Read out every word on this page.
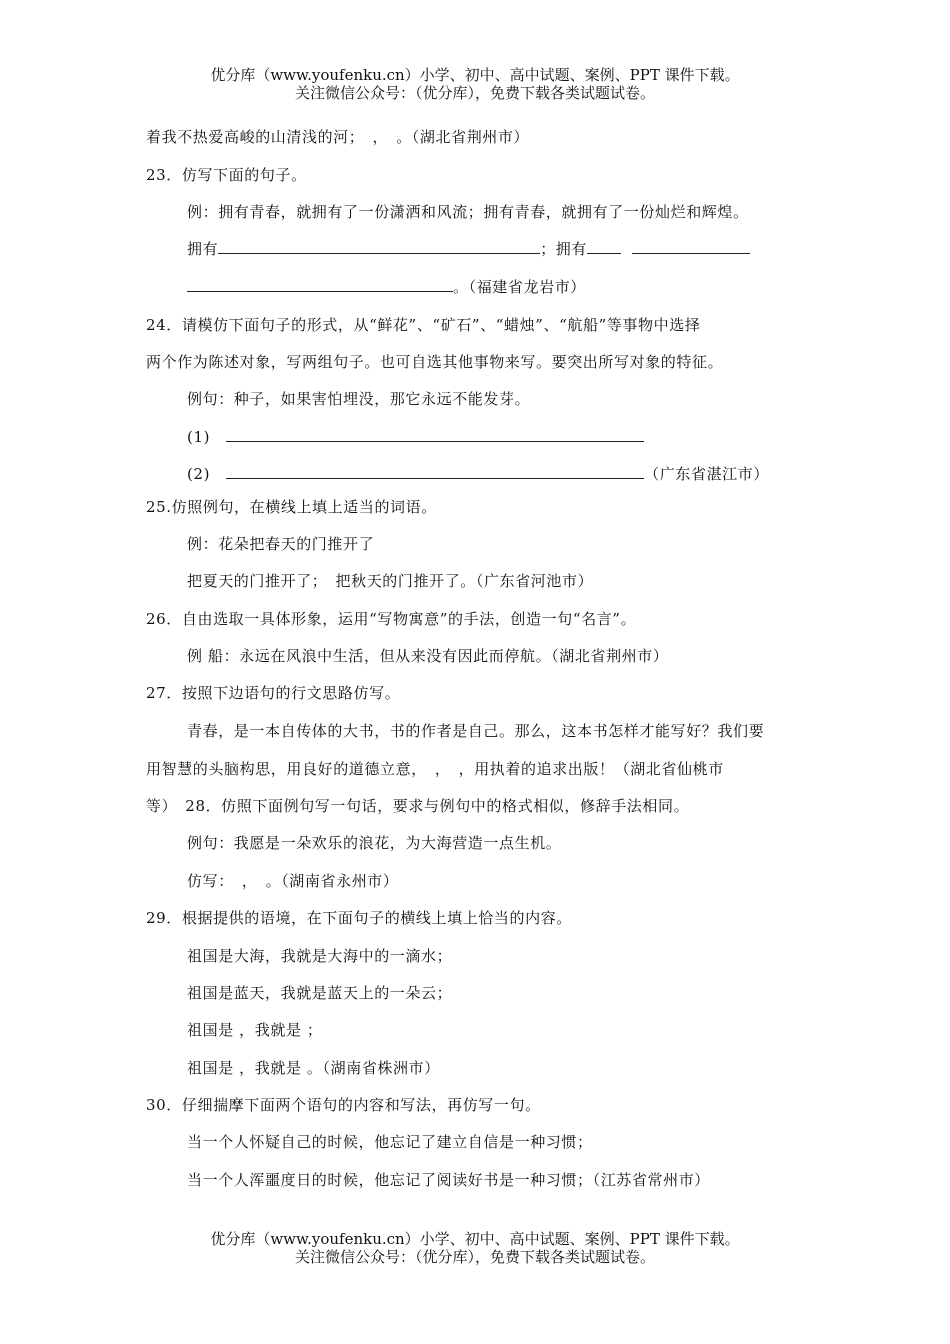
优分库（www.youfenku.cn）小学、初中、高中试题、案例、PPT 课件下载。
关注微信公众号：（优分库），免费下载各类试题试卷。
着我不热爱高峻的山清浅的河；　，　。（湖北省荆州市）
23．仿写下面的句子。
例：拥有青春，就拥有了一份潇洒和风流；拥有青春，就拥有了一份灿烂和辉煌。
拥有	；拥有
。（福建省龙岩市）
24．请模仿下面句子的形式，从“鲜花”、“矿石”、“蜡烛”、“航船”等事物中选择
两个作为陈述对象，写两组句子。也可自选其他事物来写。要突出所写对象的特征。
例句：种子，如果害怕埋没，那它永远不能发芽。
(1)
(2)	（广东省湛江市）
25.仿照例句，在横线上填上适当的词语。
例：花朵把春天的门推开了
把夏天的门推开了；　把秋天的门推开了。（广东省河池市）
26．自由选取一具体形象，运用“写物寓意”的手法，创造一句“名言”。
例 船：永远在风浪中生活，但从来没有因此而停航。（湖北省荆州市）
27．按照下边语句的行文思路仿写。
青春，是一本自传体的大书，书的作者是自己。那么，这本书怎样才能写好？我们要
用智慧的头脑构思，用良好的道德立意，　，　，用执着的追求出版！（湖北省仙桃市
等）　28．仿照下面例句写一句话，要求与例句中的格式相似，修辞手法相同。
例句：我愿是一朵欢乐的浪花，为大海营造一点生机。
仿写：　，　。（湖南省永州市）
29．根据提供的语境，在下面句子的横线上填上恰当的内容。
祖国是大海，我就是大海中的一滴水；
祖国是蓝天，我就是蓝天上的一朵云；
祖国是 ，我就是 ；
祖国是 ，我就是 。（湖南省株洲市）
30．仔细揣摩下面两个语句的内容和写法，再仿写一句。
当一个人怀疑自己的时候，他忘记了建立自信是一种习惯；
当一个人浑噩度日的时候，他忘记了阅读好书是一种习惯；（江苏省常州市）
优分库（www.youfenku.cn）小学、初中、高中试题、案例、PPT 课件下载。
关注微信公众号：（优分库），免费下载各类试题试卷。
